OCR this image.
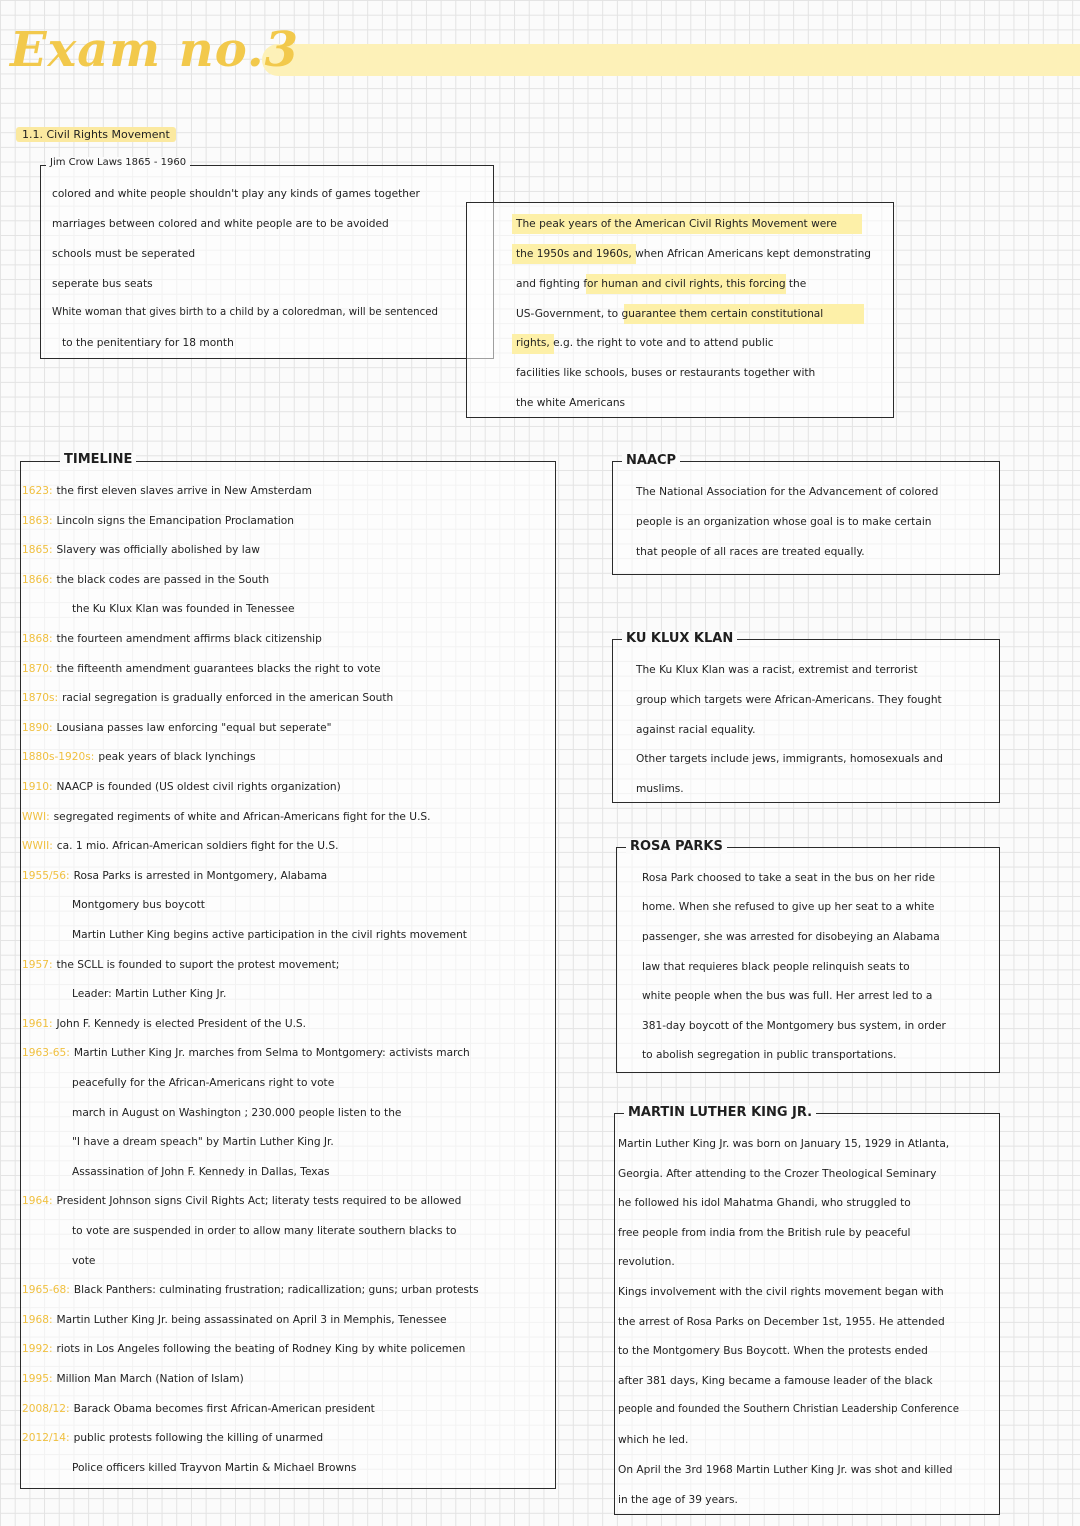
Exam no.3
1.1. Civil Rights Movement
Jim Crow Laws 1865 - 1960
colored and white people shouldn't play any kinds of games together
marriages between colored and white people are to be avoided
schools must be seperated
seperate bus seats
White woman that gives birth to a child by a coloredman, will be sentenced
to the penitentiary for 18 month
The peak years of the American Civil Rights Movement were
the 1950s and 1960s, when African Americans kept demonstrating
and fighting for human and civil rights, this forcing the
US-Government, to guarantee them certain constitutional
rights, e.g. the right to vote and to attend public
facilities like schools, buses or restaurants together with
the white Americans
TIMELINE
1623: the first eleven slaves arrive in New Amsterdam
1863: Lincoln signs the Emancipation Proclamation
1865: Slavery was officially abolished by law
1866: the black codes are passed in the South
the Ku Klux Klan was founded in Tenessee
1868: the fourteen amendment affirms black citizenship
1870: the fifteenth amendment guarantees blacks the right to vote
1870s: racial segregation is gradually enforced in the american South
1890: Lousiana passes law enforcing "equal but seperate"
1880s-1920s: peak years of black lynchings
1910: NAACP is founded (US oldest civil rights organization)
WWI: segregated regiments of white and African-Americans fight for the U.S.
WWII: ca. 1 mio. African-American soldiers fight for the U.S.
1955/56: Rosa Parks is arrested in Montgomery, Alabama
Montgomery bus boycott
Martin Luther King begins active participation in the civil rights movement
1957: the SCLL is founded to suport the protest movement;
Leader: Martin Luther King Jr.
1961: John F. Kennedy is elected President of the U.S.
1963-65: Martin Luther King Jr. marches from Selma to Montgomery: activists march
peacefully for the African-Americans right to vote
march in August on Washington ; 230.000 people listen to the
"I have a dream speach" by Martin Luther King Jr.
Assassination of John F. Kennedy in Dallas, Texas
1964: President Johnson signs Civil Rights Act; literaty tests required to be allowed
to vote are suspended in order to allow many literate southern blacks to
vote
1965-68: Black Panthers: culminating frustration; radicallization; guns; urban protests
1968: Martin Luther King Jr. being assassinated on April 3 in Memphis, Tenessee
1992: riots in Los Angeles following the beating of Rodney King by white policemen
1995: Million Man March (Nation of Islam)
2008/12: Barack Obama becomes first African-American president
2012/14: public protests following the killing of unarmed
Police officers killed Trayvon Martin & Michael Browns
NAACP
The National Association for the Advancement of colored
people is an organization whose goal is to make certain
that people of all races are treated equally.
KU KLUX KLAN
The Ku Klux Klan was a racist, extremist and terrorist
group which targets were African-Americans. They fought
against racial equality.
Other targets include jews, immigrants, homosexuals and
muslims.
ROSA PARKS
Rosa Park choosed to take a seat in the bus on her ride
home. When she refused to give up her seat to a white
passenger, she was arrested for disobeying an Alabama
law that requieres black people relinquish seats to
white people when the bus was full. Her arrest led to a
381-day boycott of the Montgomery bus system, in order
to abolish segregation in public transportations.
MARTIN LUTHER KING JR.
Martin Luther King Jr. was born on January 15, 1929 in Atlanta,
Georgia. After attending to the Crozer Theological Seminary
he followed his idol Mahatma Ghandi, who struggled to
free people from india from the British rule by peaceful
revolution.
Kings involvement with the civil rights movement began with
the arrest of Rosa Parks on December 1st, 1955. He attended
to the Montgomery Bus Boycott. When the protests ended
after 381 days, King became a famouse leader of the black
people and founded the Southern Christian Leadership Conference
which he led.
On April the 3rd 1968 Martin Luther King Jr. was shot and killed
in the age of 39 years.
